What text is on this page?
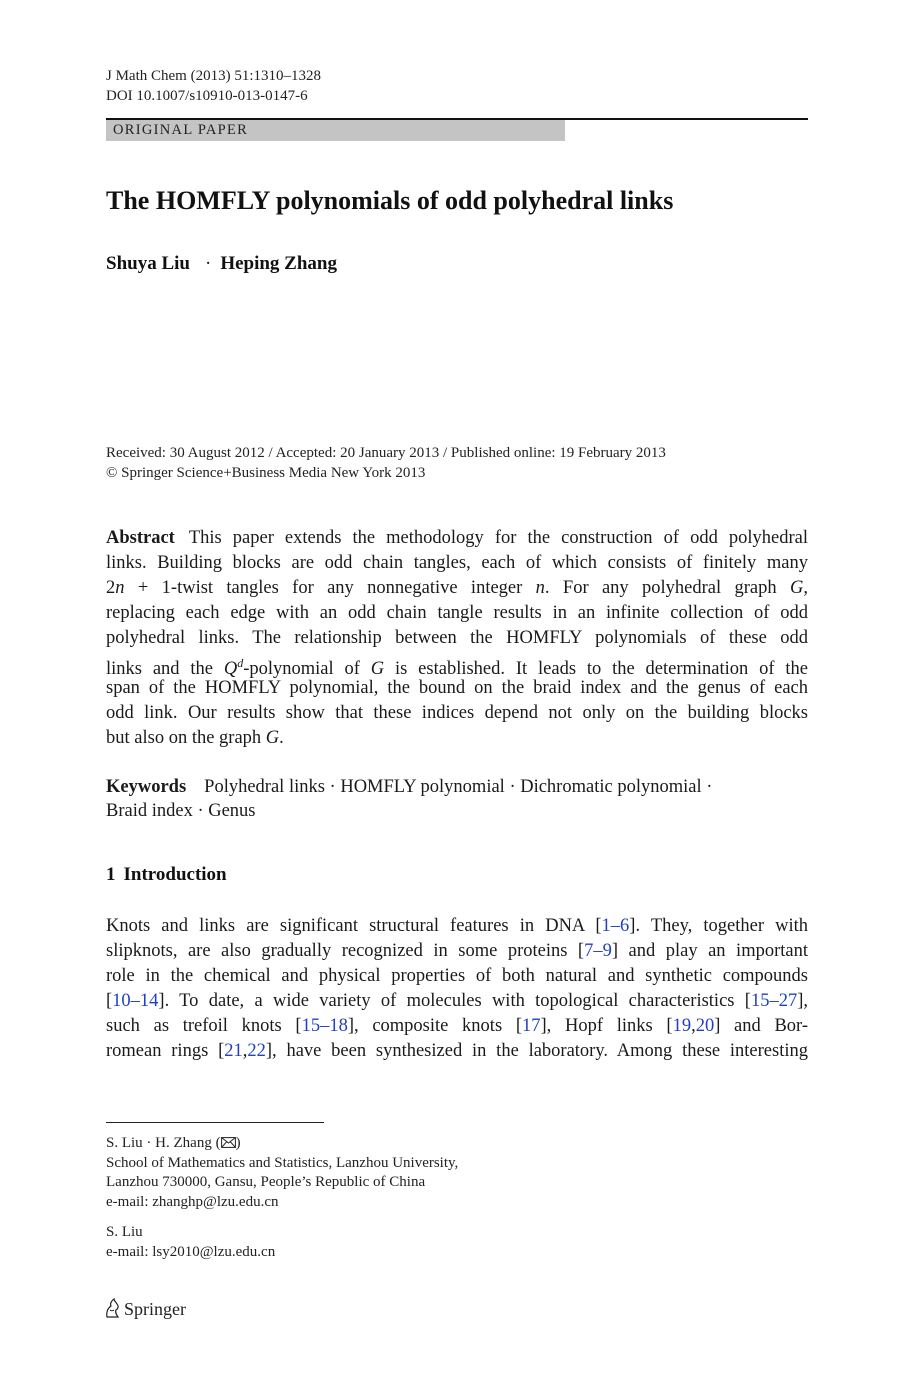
J Math Chem (2013) 51:1310–1328
DOI 10.1007/s10910-013-0147-6
ORIGINAL PAPER
The HOMFLY polynomials of odd polyhedral links
Shuya Liu · Heping Zhang
Received: 30 August 2012 / Accepted: 20 January 2013 / Published online: 19 February 2013
© Springer Science+Business Media New York 2013
Abstract This paper extends the methodology for the construction of odd polyhedral
links. Building blocks are odd chain tangles, each of which consists of finitely many
2n + 1-twist tangles for any nonnegative integer n. For any polyhedral graph G,
replacing each edge with an odd chain tangle results in an infinite collection of odd
polyhedral links. The relationship between the HOMFLY polynomials of these odd
links and the $Q^d$-polynomial of G is established. It leads to the determination of the
span of the HOMFLY polynomial, the bound on the braid index and the genus of each
odd link. Our results show that these indices depend not only on the building blocks
but also on the graph G.
Keywords Polyhedral links · HOMFLY polynomial · Dichromatic polynomial ·
Braid index · Genus
1 Introduction
Knots and links are significant structural features in DNA [1–6]. They, together with
slipknots, are also gradually recognized in some proteins [7–9] and play an important
role in the chemical and physical properties of both natural and synthetic compounds
[10–14]. To date, a wide variety of molecules with topological characteristics [15–27],
such as trefoil knots [15–18], composite knots [17], Hopf links [19,20] and Bor-
romean rings [21,22], have been synthesized in the laboratory. Among these interesting
S. Liu · H. Zhang ( )
School of Mathematics and Statistics, Lanzhou University,
Lanzhou 730000, Gansu, People’s Republic of China
e-mail: zhanghp@lzu.edu.cn
S. Liu
e-mail: lsy2010@lzu.edu.cn
Springer
